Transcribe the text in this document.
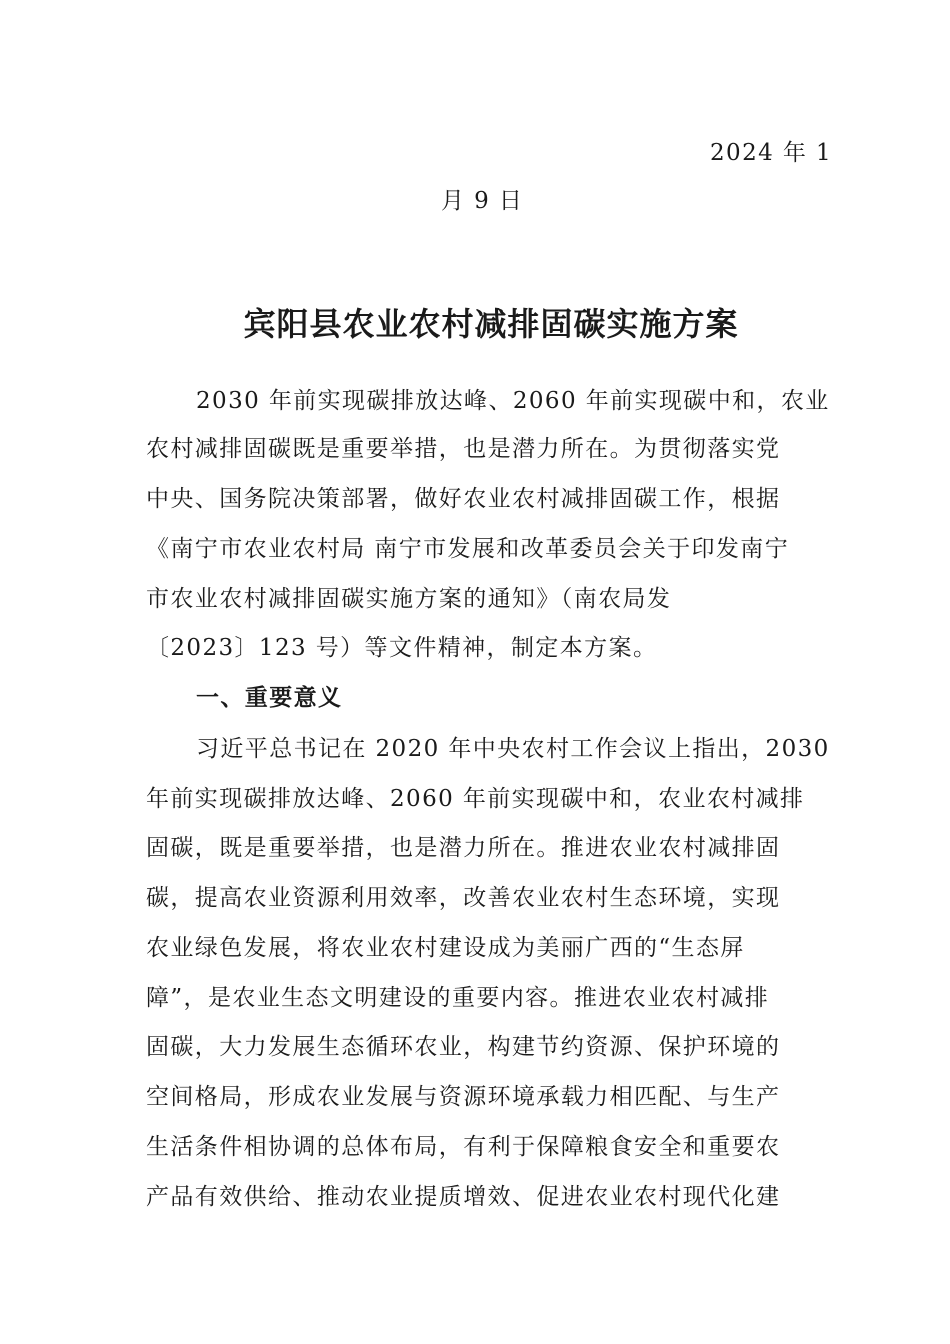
2024 年 1
月 9 日
宾阳县农业农村减排固碳实施方案
2030 年前实现碳排放达峰、2060 年前实现碳中和，农业
农村减排固碳既是重要举措，也是潜力所在。为贯彻落实党
中央、国务院决策部署，做好农业农村减排固碳工作，根据
《南宁市农业农村局 南宁市发展和改革委员会关于印发南宁
市农业农村减排固碳实施方案的通知》（南农局发
〔2023〕123 号）等文件精神，制定本方案。
一、重要意义
习近平总书记在 2020 年中央农村工作会议上指出，2030
年前实现碳排放达峰、2060 年前实现碳中和，农业农村减排
固碳，既是重要举措，也是潜力所在。推进农业农村减排固
碳，提高农业资源利用效率，改善农业农村生态环境，实现
农业绿色发展，将农业农村建设成为美丽广西的“生态屏
障”，是农业生态文明建设的重要内容。推进农业农村减排
固碳，大力发展生态循环农业，构建节约资源、保护环境的
空间格局，形成农业发展与资源环境承载力相匹配、与生产
生活条件相协调的总体布局，有利于保障粮食安全和重要农
产品有效供给、推动农业提质增效、促进农业农村现代化建
